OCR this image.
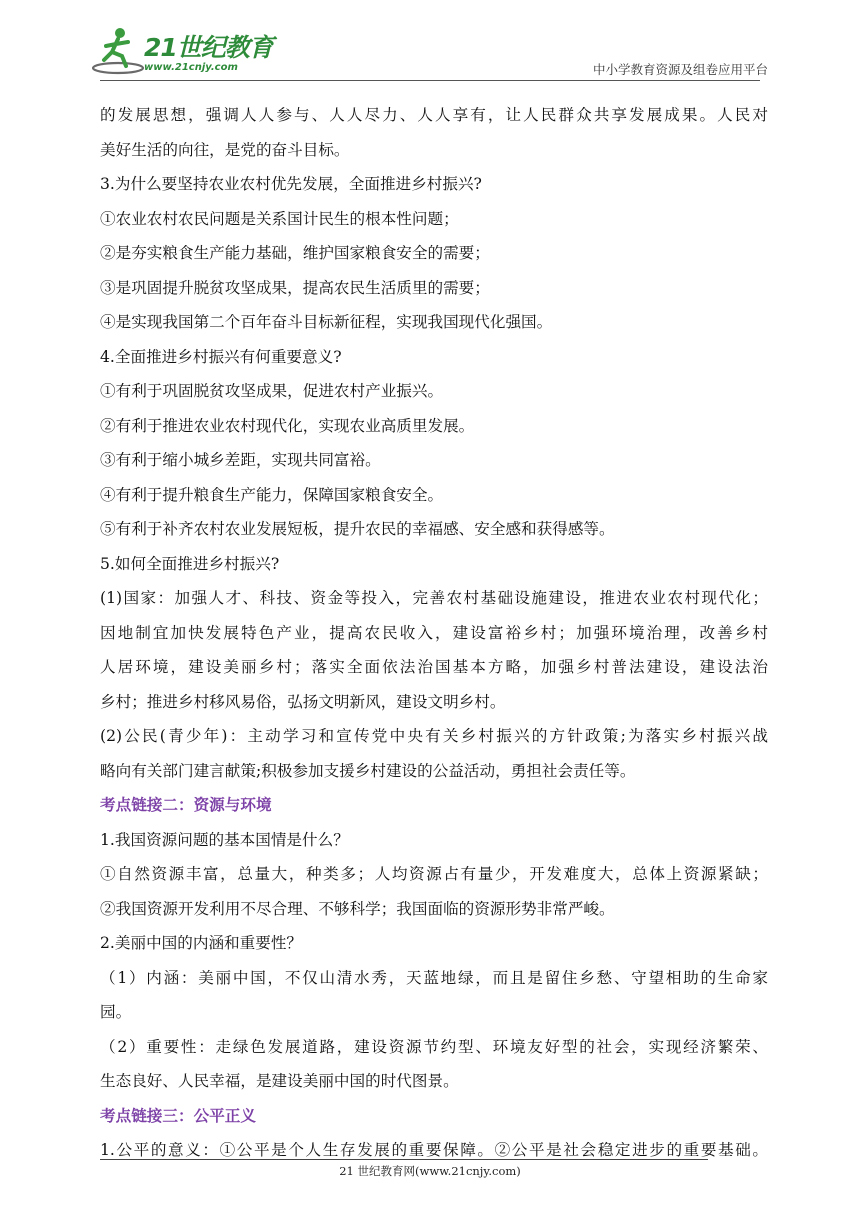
21世纪教育
www.21cnjy.com	中小学教育资源及组卷应用平台
的发展思想，强调人人参与、人人尽力、人人享有，让人民群众共享发展成果。人民对
美好生活的向往，是党的奋斗目标。
3.为什么要坚持农业农村优先发展，全面推进乡村振兴?
①农业农村农民问题是关系国计民生的根本性问题；
②是夯实粮食生产能力基础，维护国家粮食安全的需要；
③是巩固提升脱贫攻坚成果，提高农民生活质里的需要；
④是实现我国第二个百年奋斗目标新征程，实现我国现代化强国。
4.全面推进乡村振兴有何重要意义?
①有利于巩固脱贫攻坚成果，促进农村产业振兴。
②有利于推进农业农村现代化，实现农业高质里发展。
③有利于缩小城乡差距，实现共同富裕。
④有利于提升粮食生产能力，保障国家粮食安全。
⑤有利于补齐农村农业发展短板，提升农民的幸福感、安全感和获得感等。
5.如何全面推进乡村振兴?
(1)国家：加强人才、科技、资金等投入，完善农村基础设施建设，推进农业农村现代化；
因地制宜加快发展特色产业，提高农民收入，建设富裕乡村；加强环境治理，改善乡村
人居环境，建设美丽乡村；落实全面依法治国基本方略，加强乡村普法建设，建设法治
乡村；推进乡村移风易俗，弘扬文明新风，建设文明乡村。
(2)公民(青少年)：主动学习和宣传党中央有关乡村振兴的方针政策;为落实乡村振兴战
略向有关部门建言献策;积极参加支援乡村建设的公益活动，勇担社会责任等。
考点链接二：资源与环境
1.我国资源问题的基本国情是什么？
①自然资源丰富，总量大，种类多；人均资源占有量少，开发难度大，总体上资源紧缺；
②我国资源开发利用不尽合理、不够科学；我国面临的资源形势非常严峻。
2.美丽中国的内涵和重要性？
（1）内涵：美丽中国，不仅山清水秀，天蓝地绿，而且是留住乡愁、守望相助的生命家
园。
（2）重要性：走绿色发展道路，建设资源节约型、环境友好型的社会，实现经济繁荣、
生态良好、人民幸福，是建设美丽中国的时代图景。
考点链接三：公平正义
1.公平的意义：①公平是个人生存发展的重要保障。②公平是社会稳定进步的重要基础。
21 世纪教育网(www.21cnjy.com)
